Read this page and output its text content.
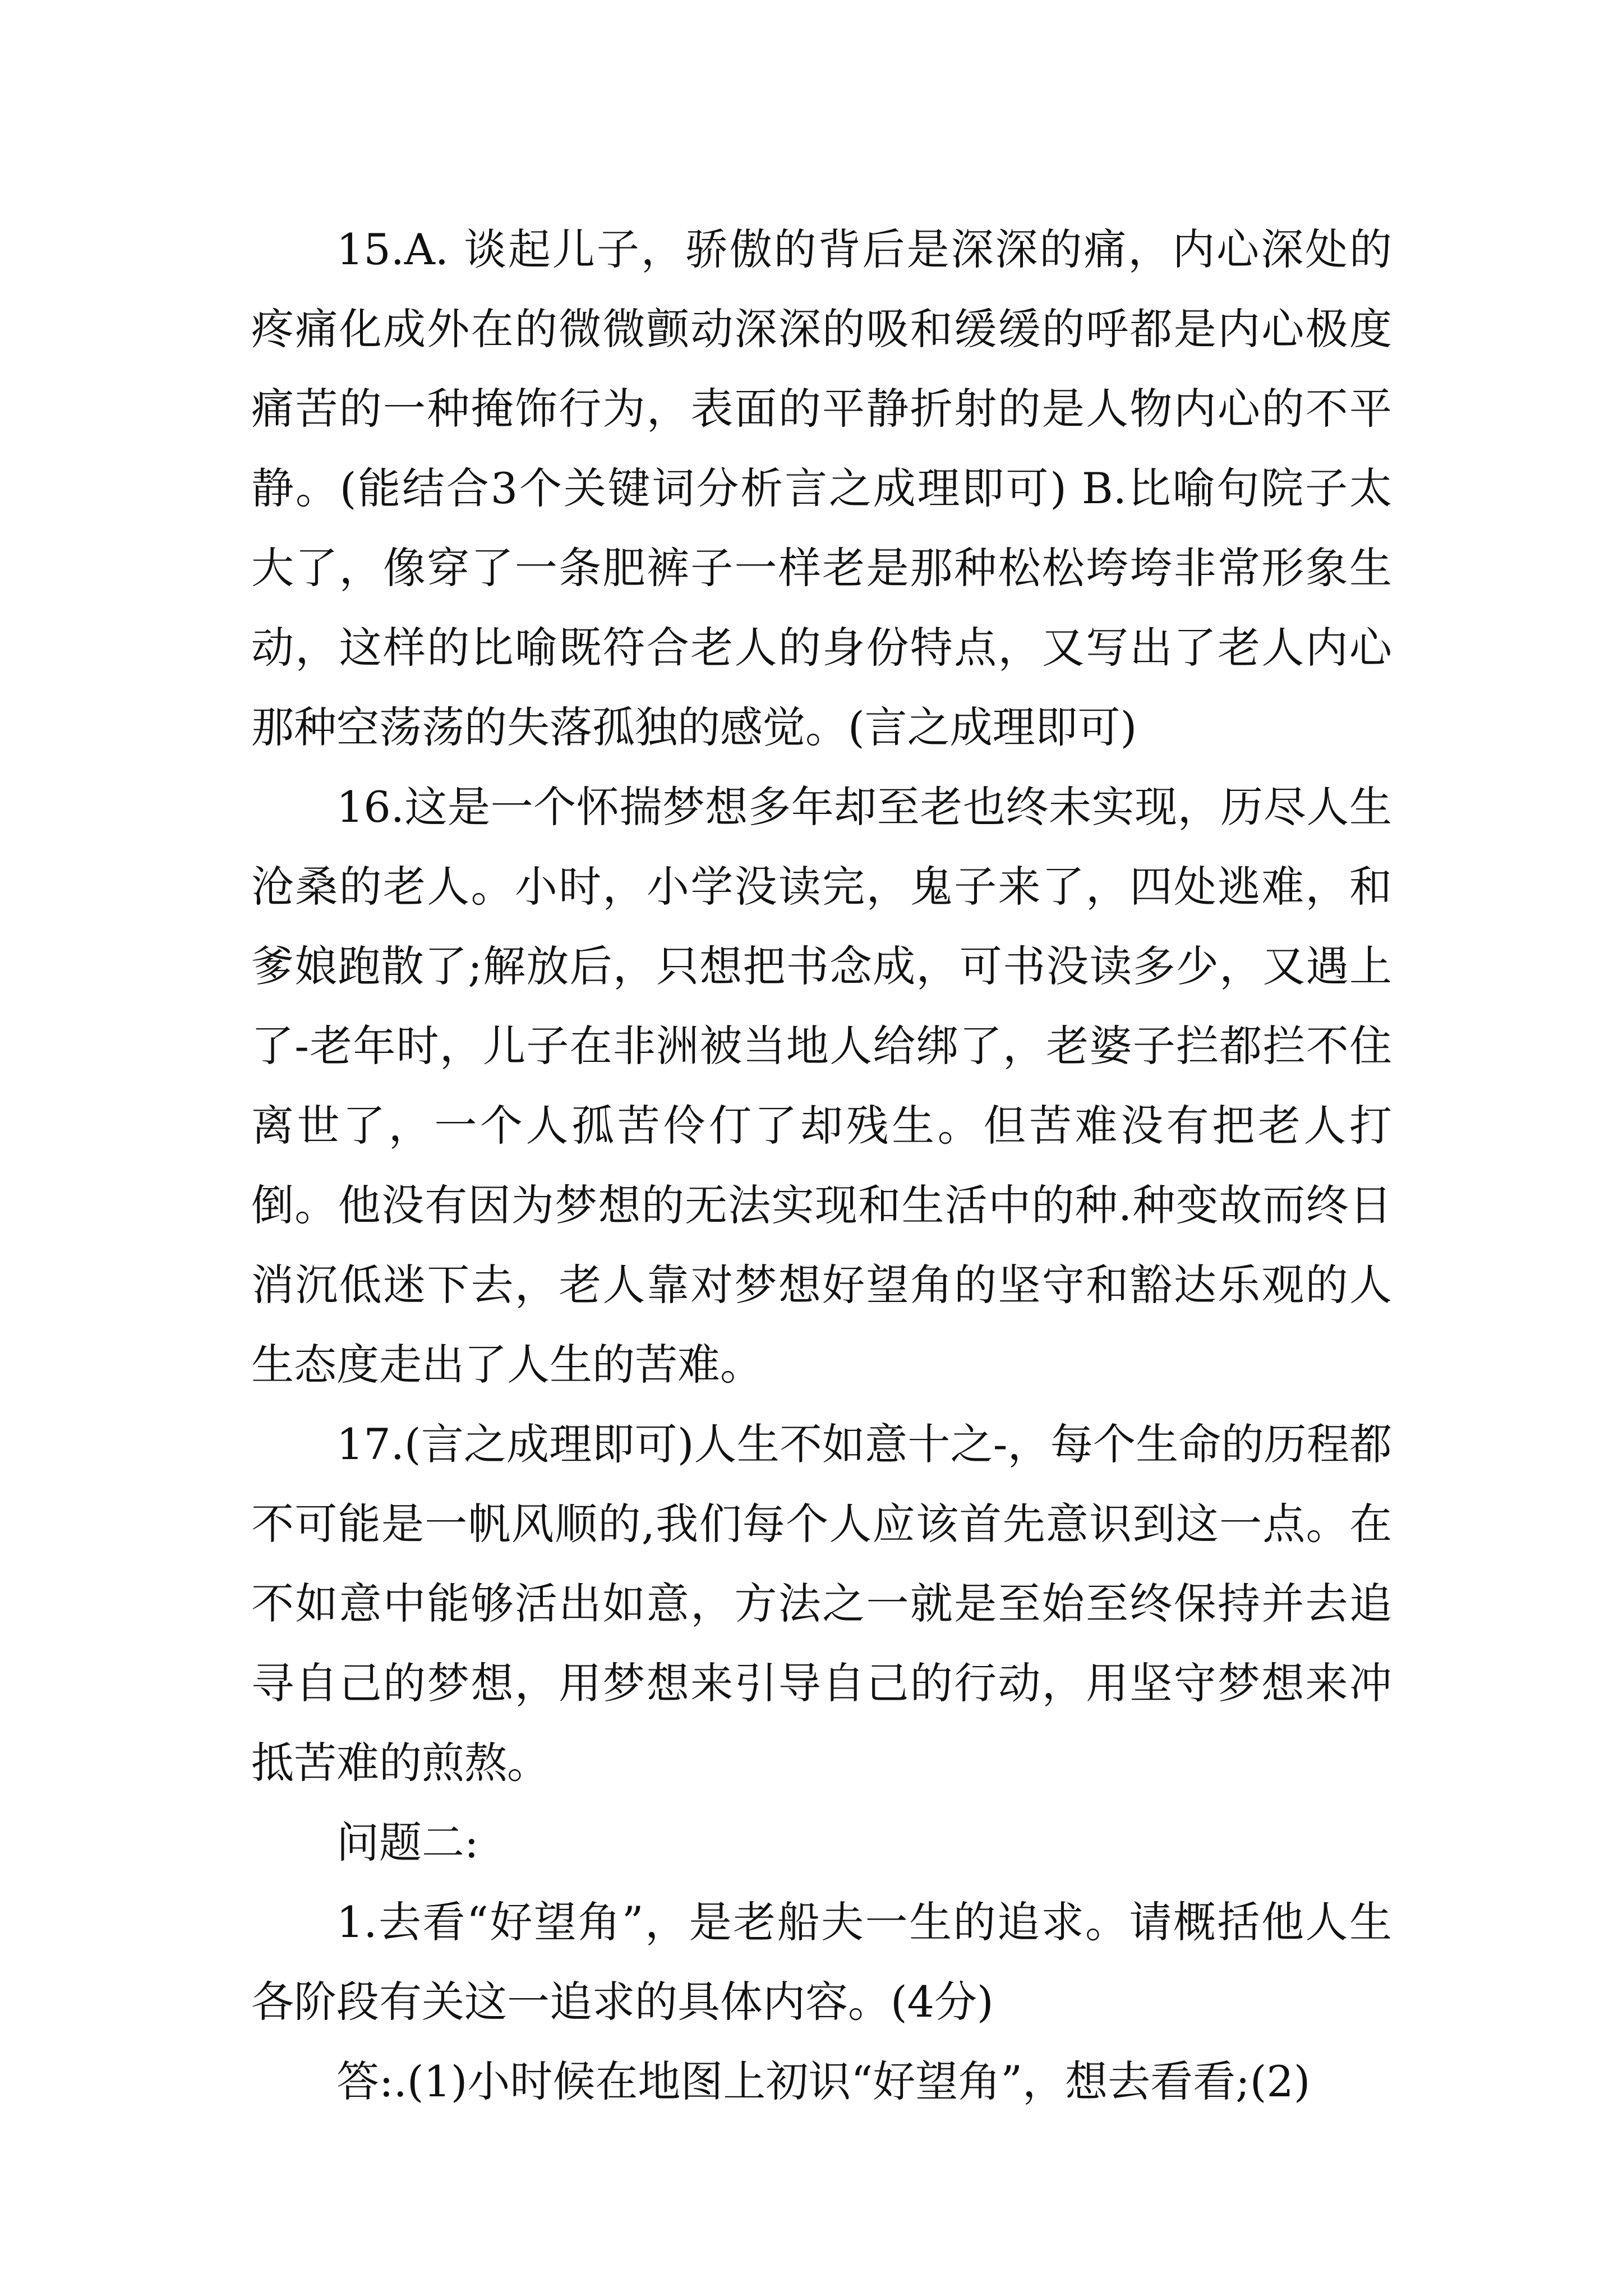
15.A. 谈起儿子，骄傲的背后是深深的痛，内心深处的疼痛化成外在的微微颤动深深的吸和缓缓的呼都是内心极度痛苦的一种掩饰行为，表面的平静折射的是人物内心的不平静。(能结合3个关键词分析言之成理即可) B.比喻句院子太大了，像穿了一条肥裤子一样老是那种松松垮垮非常形象生动，这样的比喻既符合老人的身份特点，又写出了老人内心那种空荡荡的失落孤独的感觉。(言之成理即可)

16.这是一个怀揣梦想多年却至老也终未实现，历尽人生沧桑的老人。小时，小学没读完，鬼子来了，四处逃难，和爹娘跑散了;解放后，只想把书念成，可书没读多少，又遇上了-老年时，儿子在非洲被当地人给绑了，老婆子拦都拦不住离世了，一个人孤苦伶仃了却残生。但苦难没有把老人打倒。他没有因为梦想的无法实现和生活中的种.种变故而终日消沉低迷下去，老人靠对梦想好望角的坚守和豁达乐观的人生态度走出了人生的苦难。

17.(言之成理即可)人生不如意十之-，每个生命的历程都不可能是一帆风顺的,我们每个人应该首先意识到这一点。在不如意中能够活出如意，方法之一就是至始至终保持并去追寻自己的梦想，用梦想来引导自己的行动，用坚守梦想来冲抵苦难的煎熬。

问题二:

1.去看“好望角”，是老船夫一生的追求。请概括他人生各阶段有关这一追求的具体内容。(4分)

答:.(1)小时候在地图上初识“好望角”，想去看看;(2)
